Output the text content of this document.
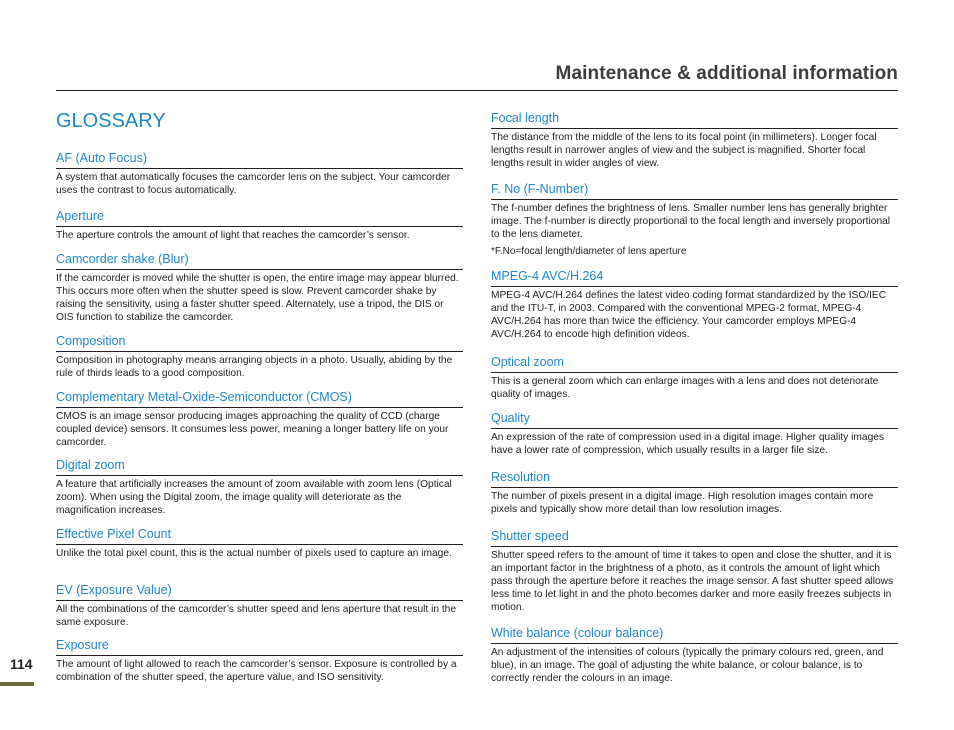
Maintenance & additional information
GLOSSARY
AF (Auto Focus)
A system that automatically focuses the camcorder lens on the subject. Your camcorder uses the contrast to focus automatically.
Aperture
The aperture controls the amount of light that reaches the camcorder’s sensor.
Camcorder shake (Blur)
If the camcorder is moved while the shutter is open, the entire image may appear blurred. This occurs more often when the shutter speed is slow. Prevent camcorder shake by raising the sensitivity, using a faster shutter speed. Alternately, use a tripod, the DIS or OIS function to stabilize the camcorder.
Composition
Composition in photography means arranging objects in a photo. Usually, abiding by the rule of thirds leads to a good composition.
Complementary Metal-Oxide-Semiconductor (CMOS)
CMOS is an image sensor producing images approaching the quality of CCD (charge coupled device) sensors. It consumes less power, meaning a longer battery life on your camcorder.
Digital zoom
A feature that artificially increases the amount of zoom available with zoom lens (Optical zoom). When using the Digital zoom, the image quality will deteriorate as the magnification increases.
Effective Pixel Count
Unlike the total pixel count, this is the actual number of pixels used to capture an image.
EV (Exposure Value)
All the combinations of the camcorder’s shutter speed and lens aperture that result in the same exposure.
Exposure
The amount of light allowed to reach the camcorder’s sensor. Exposure is controlled by a combination of the shutter speed, the aperture value, and ISO sensitivity.
Focal length
The distance from the middle of the lens to its focal point (in millimeters). Longer focal lengths result in narrower angles of view and the subject is magnified. Shorter focal lengths result in wider angles of view.
F. No (F-Number)
The f-number defines the brightness of lens. Smaller number lens has generally brighter image. The f-number is directly proportional to the focal length and inversely proportional to the lens diameter.
*F.No=focal length/diameter of lens aperture
MPEG-4 AVC/H.264
MPEG-4 AVC/H.264 defines the latest video coding format standardized by the ISO/IEC and the ITU-T, in 2003. Compared with the conventional MPEG-2 format, MPEG-4 AVC/H.264 has more than twice the efficiency. Your camcorder employs MPEG-4 AVC/H.264 to encode high definition videos.
Optical zoom
This is a general zoom which can enlarge images with a lens and does not deteriorate quality of images.
Quality
An expression of the rate of compression used in a digital image. Higher quality images have a lower rate of compression, which usually results in a larger file size.
Resolution
The number of pixels present in a digital image. High resolution images contain more pixels and typically show more detail than low resolution images.
Shutter speed
Shutter speed refers to the amount of time it takes to open and close the shutter, and it is an important factor in the brightness of a photo, as it controls the amount of light which pass through the aperture before it reaches the image sensor. A fast shutter speed allows less time to let light in and the photo becomes darker and more easily freezes subjects in motion.
White balance (colour balance)
An adjustment of the intensities of colours (typically the primary colours red, green, and blue), in an image. The goal of adjusting the white balance, or colour balance, is to correctly render the colours in an image.
114
